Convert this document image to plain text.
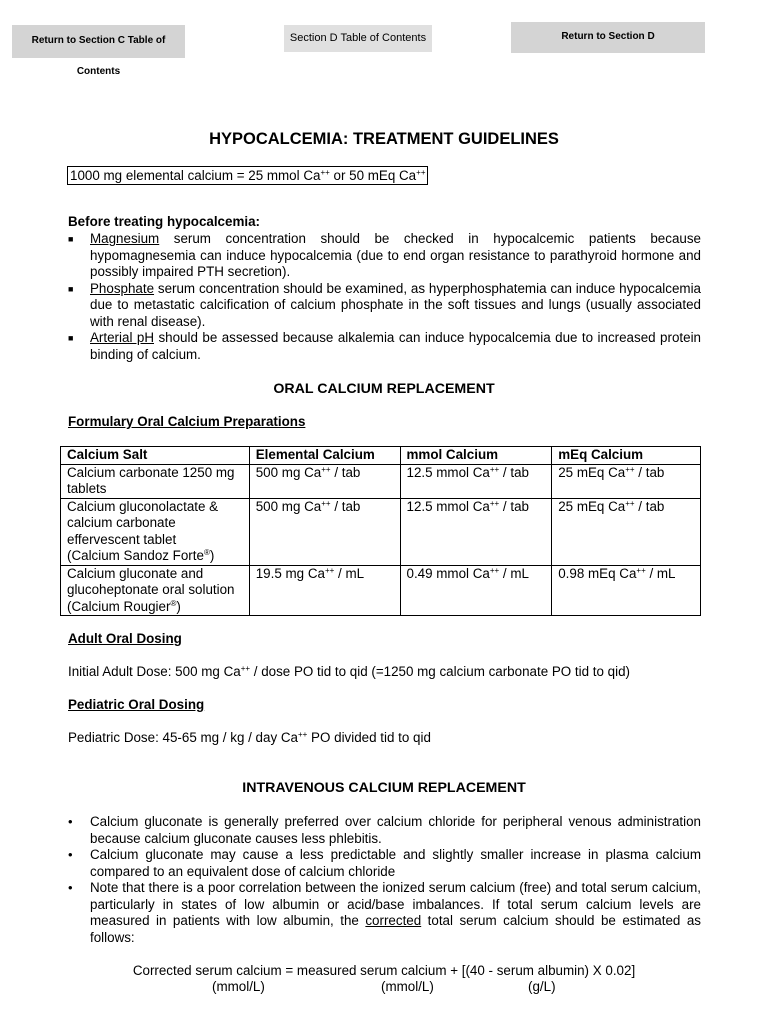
Return to Section C Table of Contents
Section D Table of Contents	Return to Section D
HYPOCALCEMIA: TREATMENT GUIDELINES
1000 mg elemental calcium = 25 mmol Ca++ or 50 mEq Ca++
Before treating hypocalcemia:
■ Magnesium serum concentration should be checked in hypocalcemic patients because hypomagnesemia can induce hypocalcemia (due to end organ resistance to parathyroid hormone and possibly impaired PTH secretion).
■ Phosphate serum concentration should be examined, as hyperphosphatemia can induce hypocalcemia due to metastatic calcification of calcium phosphate in the soft tissues and lungs (usually associated with renal disease).
■ Arterial pH should be assessed because alkalemia can induce hypocalcemia due to increased protein binding of calcium.
ORAL CALCIUM REPLACEMENT
Formulary Oral Calcium Preparations
Calcium Salt	Elemental Calcium	mmol Calcium	mEq Calcium
Calcium carbonate 1250 mg tablets	500 mg Ca++ / tab	12.5 mmol Ca++ / tab	25 mEq Ca++ / tab
Calcium gluconolactate & calcium carbonate effervescent tablet
(Calcium Sandoz Forte®)	500 mg Ca++ / tab	12.5 mmol Ca++ / tab	25 mEq Ca++ / tab
Calcium gluconate and glucoheptonate oral solution
(Calcium Rougier®)	19.5 mg Ca++ / mL	0.49 mmol Ca++ / mL	0.98 mEq Ca++ / mL
Adult Oral Dosing
Initial Adult Dose: 500 mg Ca++ / dose PO tid to qid (=1250 mg calcium carbonate PO tid to qid)
Pediatric Oral Dosing
Pediatric Dose: 45-65 mg / kg / day Ca++ PO divided tid to qid
INTRAVENOUS CALCIUM REPLACEMENT
• Calcium gluconate is generally preferred over calcium chloride for peripheral venous administration because calcium gluconate causes less phlebitis.
• Calcium gluconate may cause a less predictable and slightly smaller increase in plasma calcium compared to an equivalent dose of calcium chloride
• Note that there is a poor correlation between the ionized serum calcium (free) and total serum calcium, particularly in states of low albumin or acid/base imbalances. If total serum calcium levels are measured in patients with low albumin, the corrected total serum calcium should be estimated as follows:
Corrected serum calcium = measured serum calcium + [(40 - serum albumin) X 0.02]
(mmol/L)	(mmol/L)	(g/L)
